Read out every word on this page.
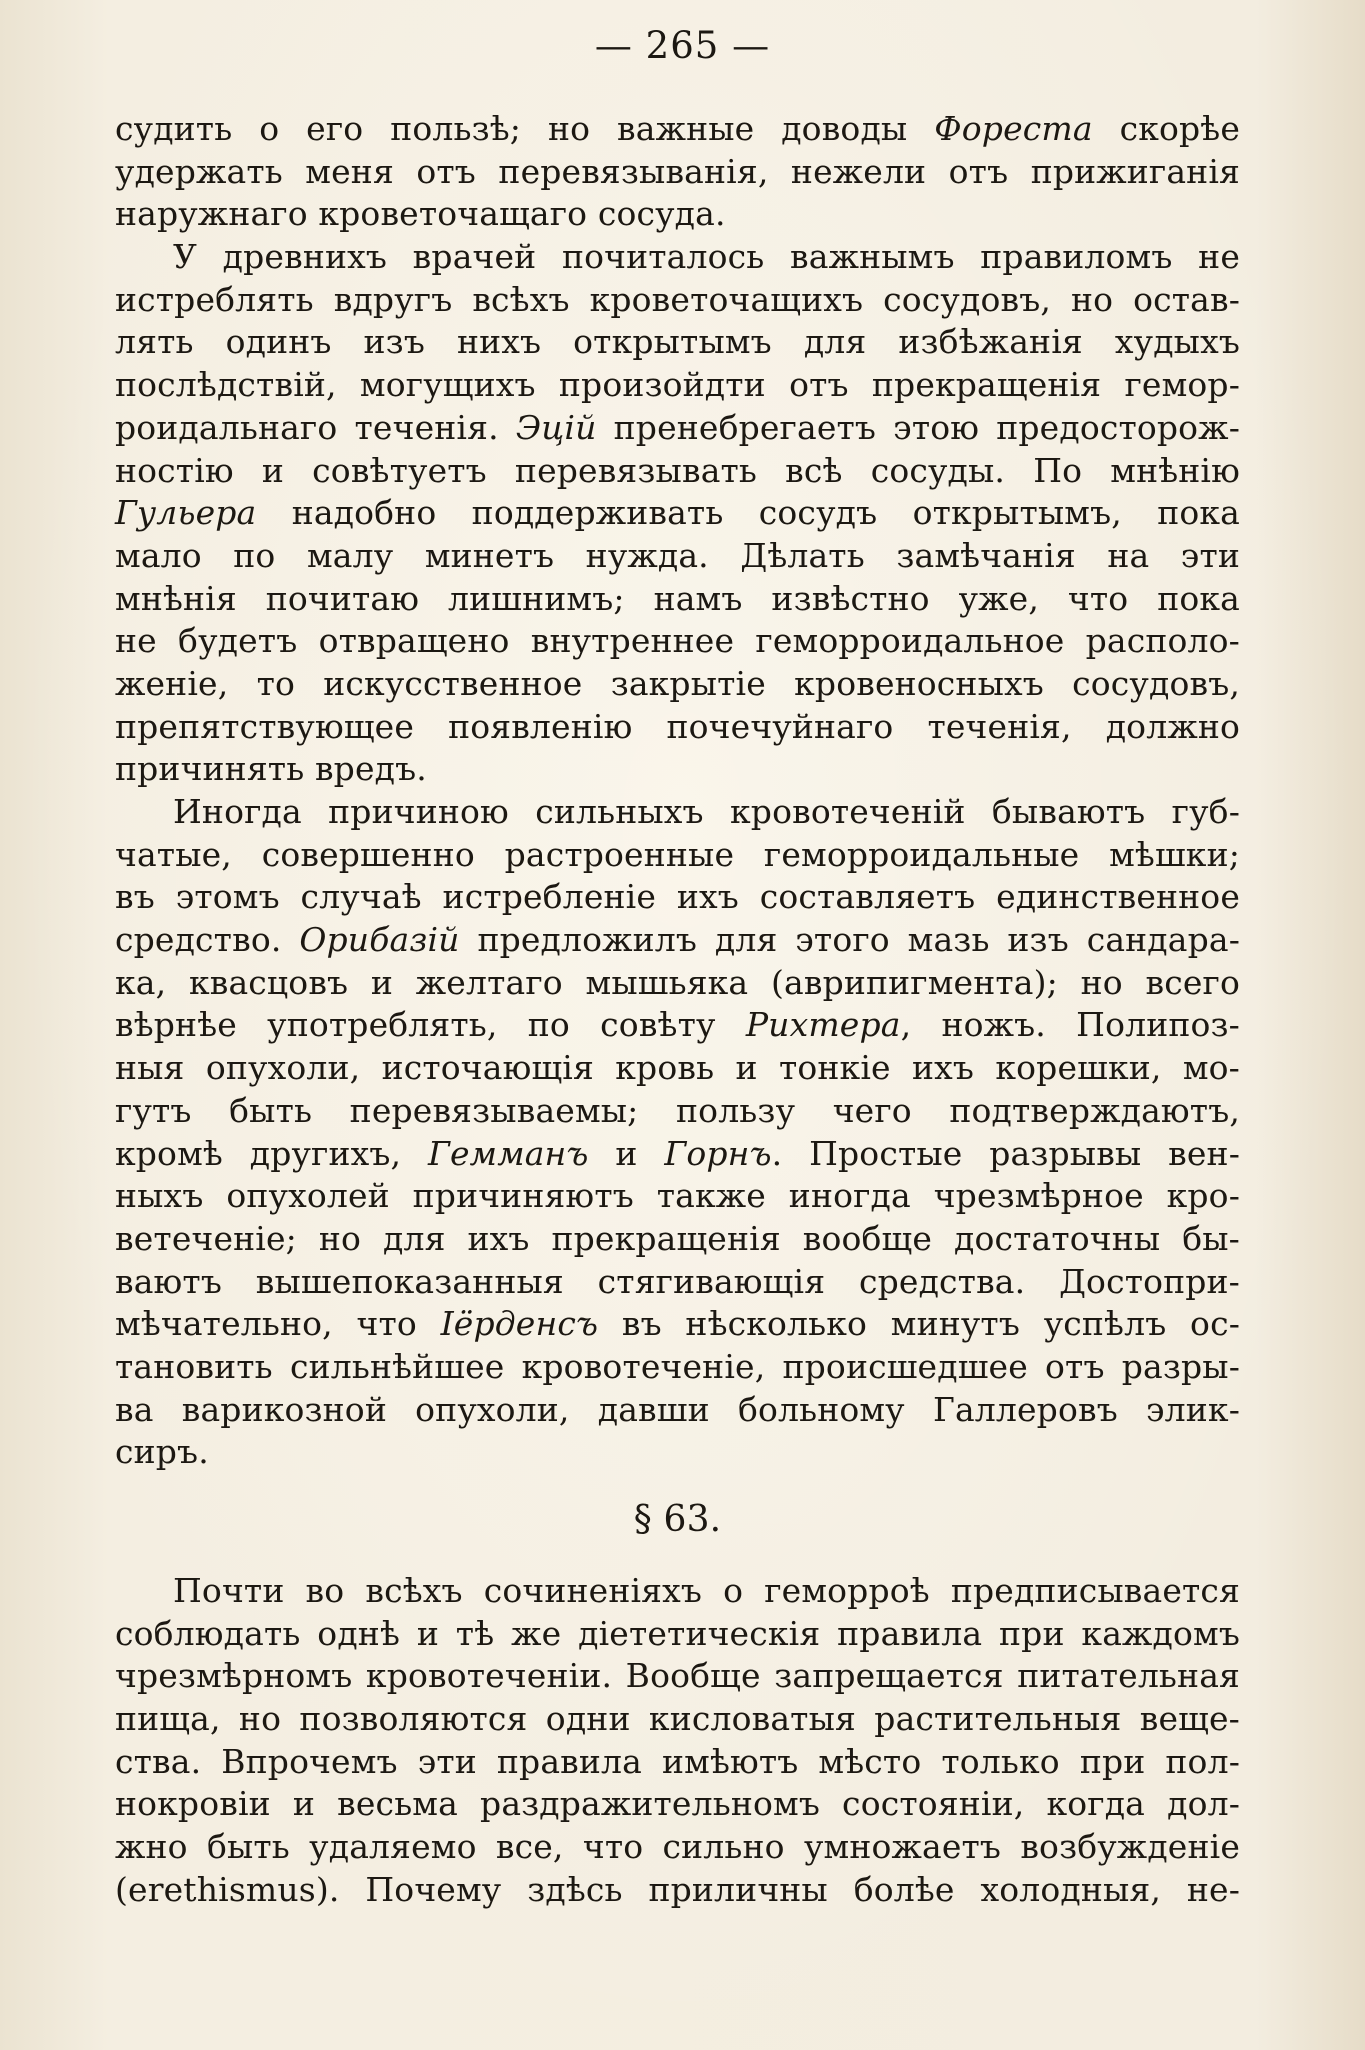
— 265 —
судить о его пользѣ; но важные доводы Фореста скорѣе
удержать меня отъ перевязыванія, нежели отъ прижиганія
наружнаго кроветочащаго сосуда.
У древнихъ врачей почиталось важнымъ правиломъ не
истреблять вдругъ всѣхъ кроветочащихъ сосудовъ, но остав-
лять одинъ изъ нихъ открытымъ для избѣжанія худыхъ
послѣдствій, могущихъ произойдти отъ прекращенія гемор-
роидальнаго теченія. Эцій пренебрегаетъ этою предосторож-
ностію и совѣтуетъ перевязывать всѣ сосуды. По мнѣнію
Гульера надобно поддерживать сосудъ открытымъ, пока
мало по малу минетъ нужда. Дѣлать замѣчанія на эти
мнѣнія почитаю лишнимъ; намъ извѣстно уже, что пока
не будетъ отвращено внутреннее геморроидальное располо-
женіе, то искусственное закрытіе кровеносныхъ сосудовъ,
препятствующее появленію почечуйнаго теченія, должно
причинять вредъ.
Иногда причиною сильныхъ кровотеченій бываютъ губ-
чатые, совершенно растроенные геморроидальные мѣшки;
въ этомъ случаѣ истребленіе ихъ составляетъ единственное
средство. Орибазій предложилъ для этого мазь изъ сандара-
ка, квасцовъ и желтаго мышьяка (аврипигмента); но всего
вѣрнѣе употреблять, по совѣту Рихтера, ножъ. Полипоз-
ныя опухоли, источающія кровь и тонкіе ихъ корешки, мо-
гутъ быть перевязываемы; пользу чего подтверждаютъ,
кромѣ другихъ, Гемманъ и Горнъ. Простые разрывы вен-
ныхъ опухолей причиняютъ также иногда чрезмѣрное кро-
ветеченіе; но для ихъ прекращенія вообще достаточны бы-
ваютъ вышепоказанныя стягивающія средства. Достопри-
мѣчательно, что Іёрденсъ въ нѣсколько минутъ успѣлъ ос-
тановить сильнѣйшее кровотеченіе, происшедшее отъ разры-
ва варикозной опухоли, давши больному Галлеровъ элик-
сиръ.
§ 63.
Почти во всѣхъ сочиненіяхъ о геморроѣ предписывается
соблюдать однѣ и тѣ же діететическія правила при каждомъ
чрезмѣрномъ кровотеченіи. Вообще запрещается питательная
пища, но позволяются одни кисловатыя растительныя веще-
ства. Впрочемъ эти правила имѣютъ мѣсто только при пол-
нокровіи и весьма раздражительномъ состояніи, когда дол-
жно быть удаляемо все, что сильно умножаетъ возбужденіе
(erethismus). Почему здѣсь приличны болѣе холодныя, не-
